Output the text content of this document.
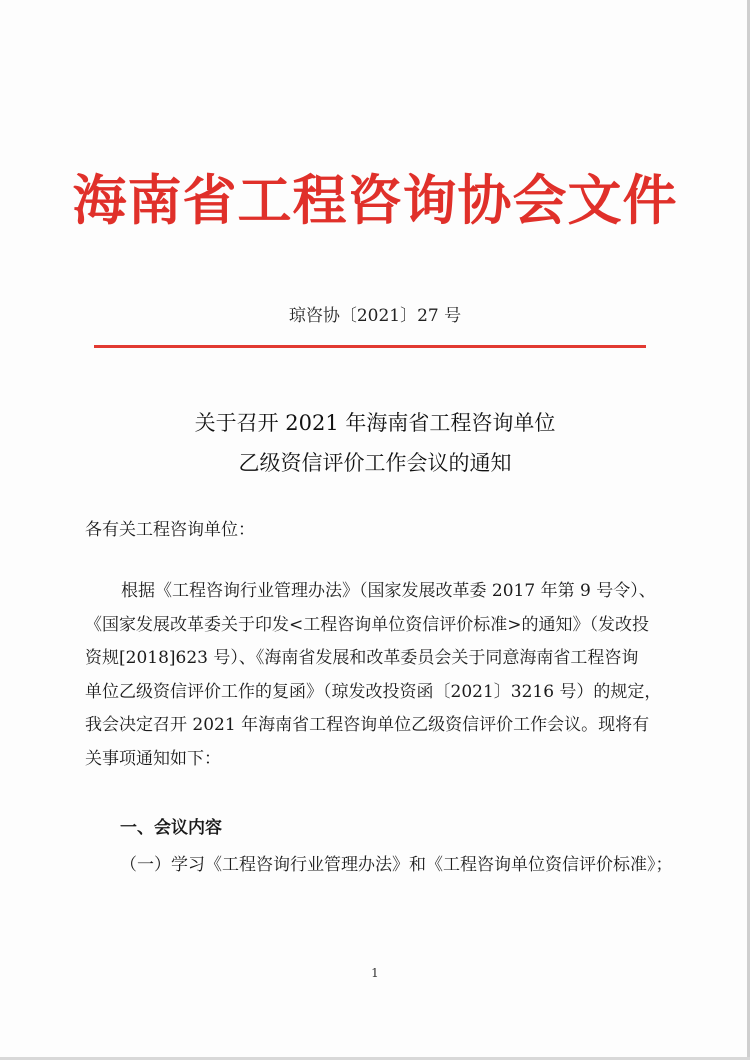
海南省工程咨询协会文件
琼咨协〔2021〕27 号
关于召开 2021 年海南省工程咨询单位
乙级资信评价工作会议的通知
各有关工程咨询单位：
根据《工程咨询行业管理办法》（国家发展改革委 2017 年第 9 号令）、
《国家发展改革委关于印发<工程咨询单位资信评价标准>的通知》（发改投
资规[2018]623 号）、《海南省发展和改革委员会关于同意海南省工程咨询
单位乙级资信评价工作的复函》（琼发改投资函〔2021〕3216 号）的规定，
我会决定召开 2021 年海南省工程咨询单位乙级资信评价工作会议。现将有
关事项通知如下：
一、会议内容
（一）学习《工程咨询行业管理办法》和《工程咨询单位资信评价标准》；
1
